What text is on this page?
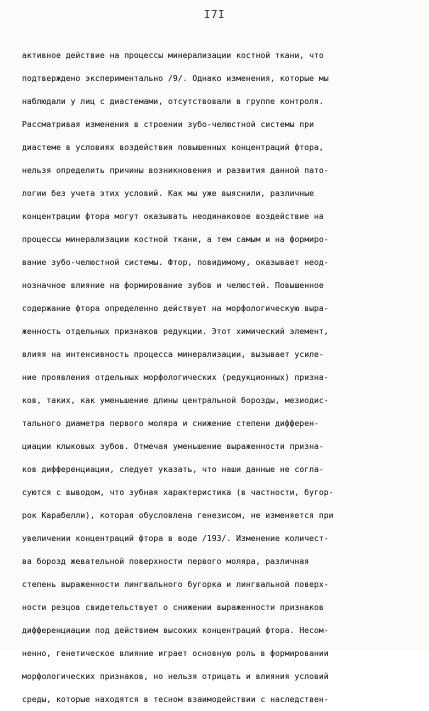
I7I
активное действие на процессы минерализации костной ткани, что
подтверждено экспериментально /9/. Однако изменения, которые мы
наблюдали у лиц с диастемами, отсутствовали в группе контроля.
Рассматривая изменения в строении зубо-челюстной системы при
диастеме в условиях воздействия повышенных концентраций фтора,
нельзя определить причины возникновения и развития данной пато-
логии без учета этих условий. Как мы уже выяснили, различные
концентрации фтора могут оказывать неодинаковое воздействие на
процессы минерализации костной ткани, а тем самым и на формиро-
вание зубо-челюстной системы. Фтор, повидимому, оказывает неод-
нозначное влияние на формирование зубов и челюстей. Повышенное
содержание фтора определенно действует на морфологическую выра-
женность отдельных признаков редукции. Этот химический элемент,
влияя на интенсивность процесса минерализации, вызывает усиле-
ние проявления отдельных морфологических (редукционных) призна-
ков, таких, как уменьшение длины центральной борозды, мезиодис-
тального диаметра первого моляра и снижение степени дифферен-
циации клыковых зубов. Отмечая уменьшение выраженности призна-
ков дифференциации, следует указать, что наши данные не согла-
суются с выводом, что зубная характеристика (в частности, бугор-
рок Карабелли), которая обусловлена генезисом, не изменяется при
увеличении концентраций фтора в воде /193/. Изменение количест-
ва борозд жевательной поверхности первого моляра, различная
степень выраженности лингвального бугорка и лингвальной поверх-
ности резцов свидетельствует о снижении выраженности признаков
дифференциации под действием высоких концентраций фтора. Несом-
ненно, генетическое влияние играет основную роль в формировании
морфологических признаков, но нельзя отрицать и влияния условий
среды, которые находятся в тесном взаимодействии с наследствен-
